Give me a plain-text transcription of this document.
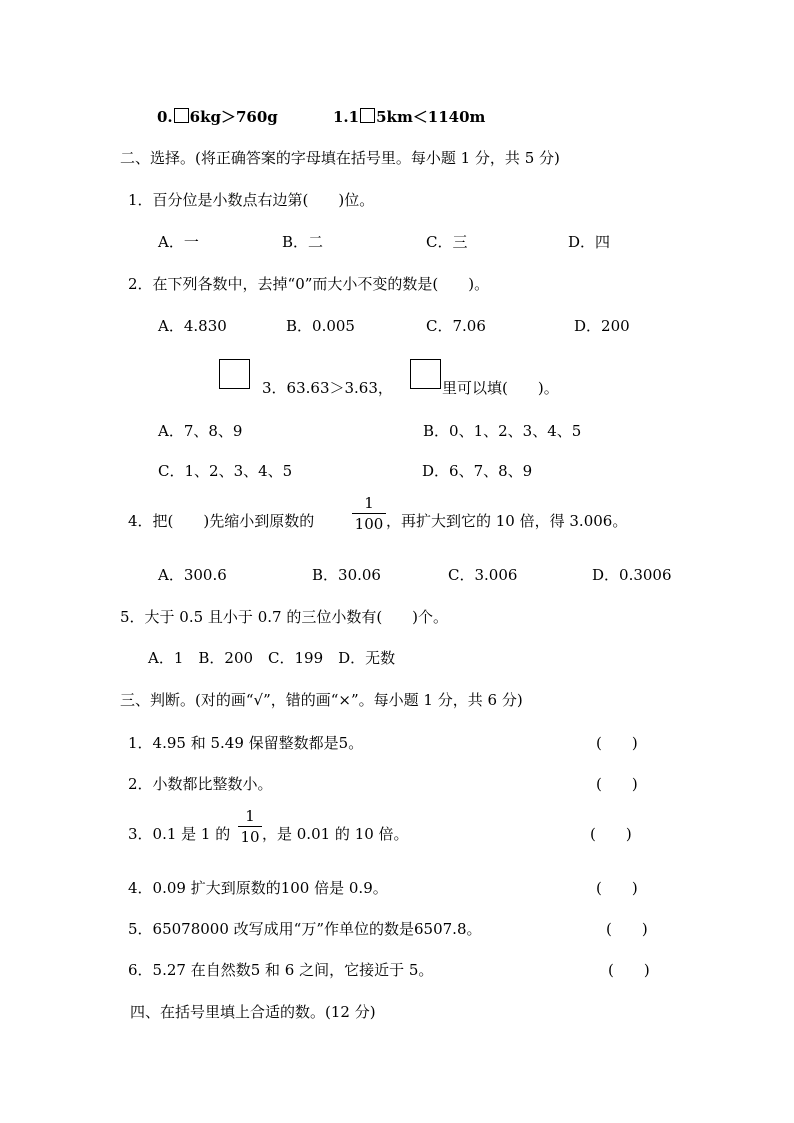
0. 6kg＞760g	1.1 5km＜1140m
二、选择。(将正确答案的字母填在括号里。每小题 1 分，共 5 分)
1．百分位是小数点右边第(　　)位。
A．一	B．二	C．三	D．四
2．在下列各数中，去掉“0”而大小不变的数是(　　)。
A．4.830	B．0.005	C．7.06	D．200
3．63.63＞3.63，	里可以填(　　)。
A．7、8、9	B．0、1、2、3、4、5
C．1、2、3、4、5	D．6、7、8、9
4．把(　　)先缩小到原数的
1
100 ，再扩大到它的 10 倍，得 3.006。
A．300.6	B．30.06	C．3.006	D．0.3006
5．大于 0.5 且小于 0.7 的三位小数有(　　)个。
A．1　B．200　C．199　D．无数
三、判断。(对的画“√”，错的画“×”。每小题 1 分，共 6 分)
1．4.95 和 5.49 保留整数都是5。	(　　)
2．小数都比整数小。	(　　)
3．0.1 是 1 的
1
10 ，是 0.01 的 10 倍。	(　　)
4．0.09 扩大到原数的100 倍是 0.9。	(　　)
5．65078000 改写成用“万”作单位的数是6507.8。	(　　)
6．5.27 在自然数5 和 6 之间，它接近于 5。	(　　)
四、在括号里填上合适的数。(12 分)
